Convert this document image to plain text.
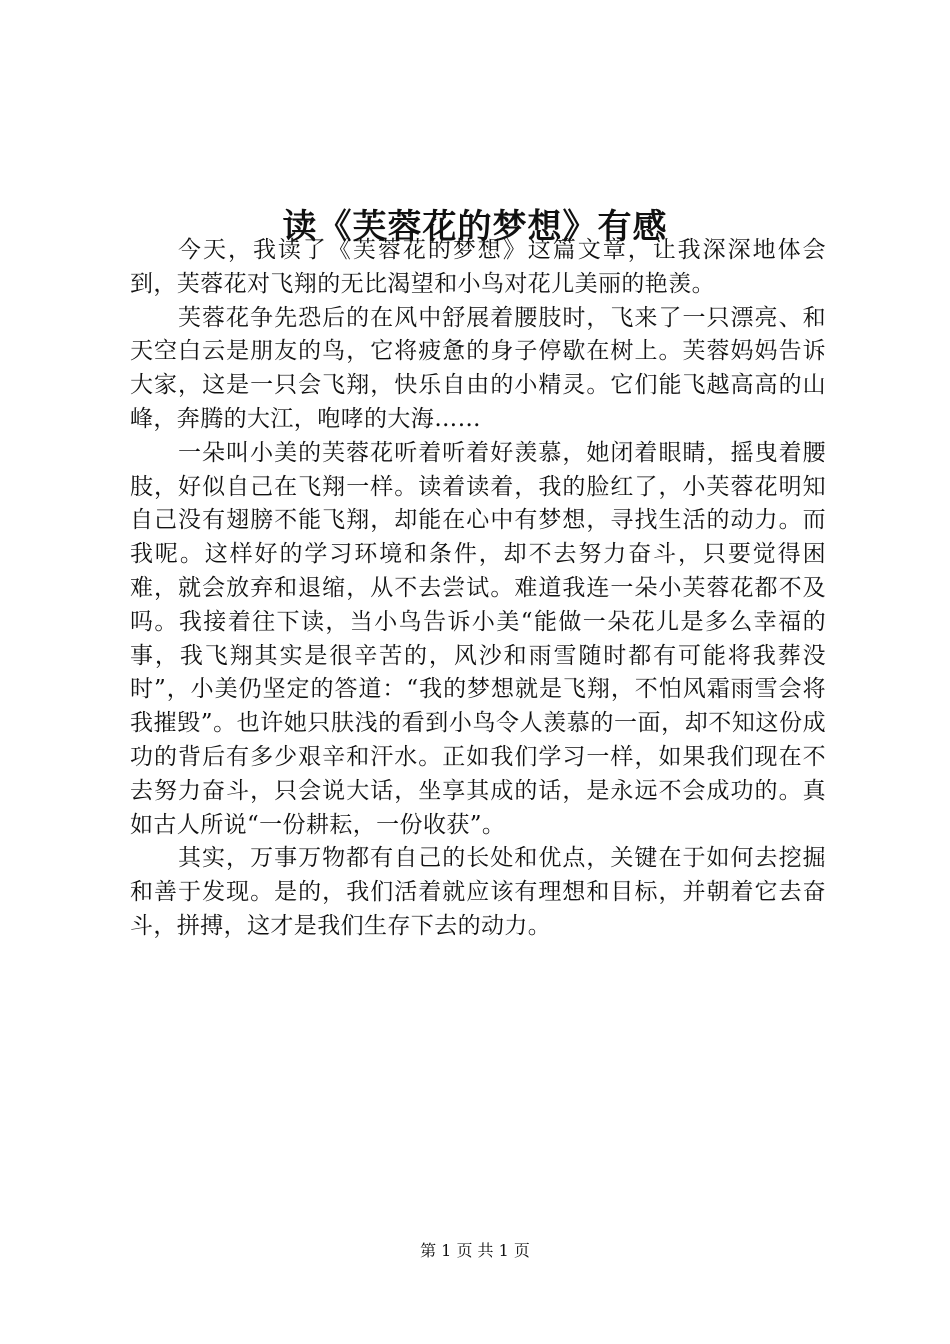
读《芙蓉花的梦想》有感

今天，我读了《芙蓉花的梦想》这篇文章，让我深深地体会到，芙蓉花对飞翔的无比渴望和小鸟对花儿美丽的艳羡。

芙蓉花争先恐后的在风中舒展着腰肢时，飞来了一只漂亮、和天空白云是朋友的鸟，它将疲惫的身子停歇在树上。芙蓉妈妈告诉大家，这是一只会飞翔，快乐自由的小精灵。它们能飞越高高的山峰，奔腾的大江，咆哮的大海……

一朵叫小美的芙蓉花听着听着好羡慕，她闭着眼睛，摇曳着腰肢，好似自己在飞翔一样。读着读着，我的脸红了，小芙蓉花明知自己没有翅膀不能飞翔，却能在心中有梦想，寻找生活的动力。而我呢。这样好的学习环境和条件，却不去努力奋斗，只要觉得困难，就会放弃和退缩，从不去尝试。难道我连一朵小芙蓉花都不及吗。我接着往下读，当小鸟告诉小美“能做一朵花儿是多么幸福的事，我飞翔其实是很辛苦的，风沙和雨雪随时都有可能将我葬没时”，小美仍坚定的答道：“我的梦想就是飞翔，不怕风霜雨雪会将我摧毁”。也许她只肤浅的看到小鸟令人羡慕的一面，却不知这份成功的背后有多少艰辛和汗水。正如我们学习一样，如果我们现在不去努力奋斗，只会说大话，坐享其成的话，是永远不会成功的。真如古人所说“一份耕耘，一份收获”。

其实，万事万物都有自己的长处和优点，关键在于如何去挖掘和善于发现。是的，我们活着就应该有理想和目标，并朝着它去奋斗，拼搏，这才是我们生存下去的动力。

第 1 页 共 1 页
